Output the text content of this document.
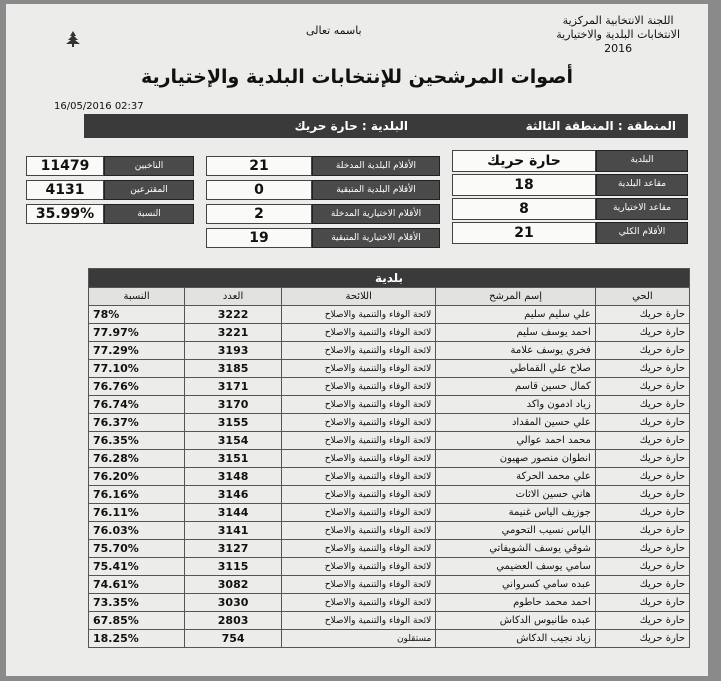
اللجنة الانتخابية المركزية
الانتخابات البلدية والاختيارية
2016
باسمه تعالى
أصوات المرشحين للإنتخابات البلدية والإختيارية
16/05/2016 02:37
المنطقة : المنطقة الثالثة
البلدية : حارة حريك
البلدية
حارة حريك
مقاعد البلدية
18
مقاعد الاختيارية
8
الأقلام الكلي
21
الأقلام البلدية المدخلة
21
الأقلام البلدية المتبقية
0
الأقلام الاختيارية المدخلة
2
الأقلام الاختيارية المتبقية
19
الناخبين
11479
المقترعين
4131
النسبة
35.99%
بلدية				
الحي	إسم المرشح	اللائحة	العدد	النسبة
حارة حريك	علي سليم سليم	لائحة الوفاء والتنمية والاصلاح	3222	78%
حارة حريك	احمد يوسف سليم	لائحة الوفاء والتنمية والاصلاح	3221	77.97%
حارة حريك	فخري يوسف علامة	لائحة الوفاء والتنمية والاصلاح	3193	77.29%
حارة حريك	صلاح علي القماطي	لائحة الوفاء والتنمية والاصلاح	3185	77.10%
حارة حريك	كمال حسين قاسم	لائحة الوفاء والتنمية والاصلاح	3171	76.76%
حارة حريك	زياد ادمون واكد	لائحة الوفاء والتنمية والاصلاح	3170	76.74%
حارة حريك	علي حسين المقداد	لائحة الوفاء والتنمية والاصلاح	3155	76.37%
حارة حريك	محمد احمد عوالي	لائحة الوفاء والتنمية والاصلاح	3154	76.35%
حارة حريك	انطوان منصور صهيون	لائحة الوفاء والتنمية والاصلاح	3151	76.28%
حارة حريك	علي محمد الحركة	لائحة الوفاء والتنمية والاصلاح	3148	76.20%
حارة حريك	هاني حسين الاثات	لائحة الوفاء والتنمية والاصلاح	3146	76.16%
حارة حريك	جوزيف الياس غنيمة	لائحة الوفاء والتنمية والاصلاح	3144	76.11%
حارة حريك	الياس نسيب التحومي	لائحة الوفاء والتنمية والاصلاح	3141	76.03%
حارة حريك	شوقي يوسف الشويفاتي	لائحة الوفاء والتنمية والاصلاح	3127	75.70%
حارة حريك	سامي يوسف العضيمي	لائحة الوفاء والتنمية والاصلاح	3115	75.41%
حارة حريك	عبده سامي كسرواني	لائحة الوفاء والتنمية والاصلاح	3082	74.61%
حارة حريك	احمد محمد حاطوم	لائحة الوفاء والتنمية والاصلاح	3030	73.35%
حارة حريك	عبده طانيوس الدكاش	لائحة الوفاء والتنمية والاصلاح	2803	67.85%
حارة حريك	زياد نجيب الدكاش	مستقلون	754	18.25%
